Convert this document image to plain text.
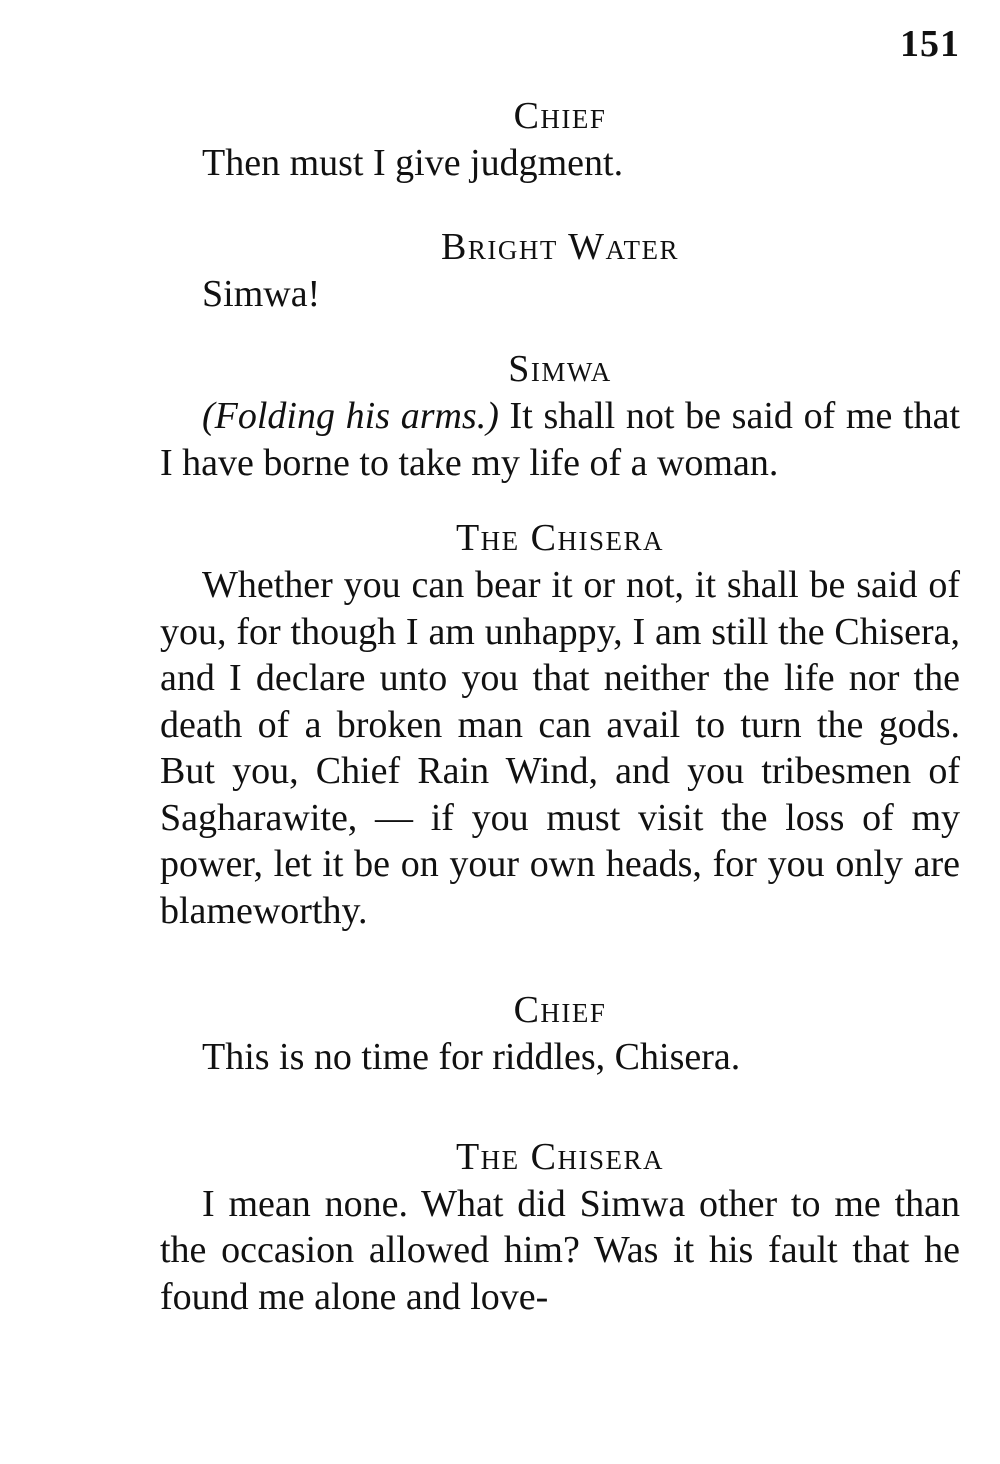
151

Chief

Then must I give judgment.

Bright Water

Simwa!

Simwa

(Folding his arms.) It shall not be said of me that I have borne to take my life of a woman.

The Chisera

Whether you can bear it or not, it shall be said of you, for though I am unhappy, I am still the Chisera, and I declare unto you that neither the life nor the death of a broken man can avail to turn the gods. But you, Chief Rain Wind, and you tribesmen of Sagharawite, — if you must visit the loss of my power, let it be on your own heads, for you only are blameworthy.

Chief

This is no time for riddles, Chisera.

The Chisera

I mean none. What did Simwa other to me than the occasion allowed him? Was it his fault that he found me alone and love-
